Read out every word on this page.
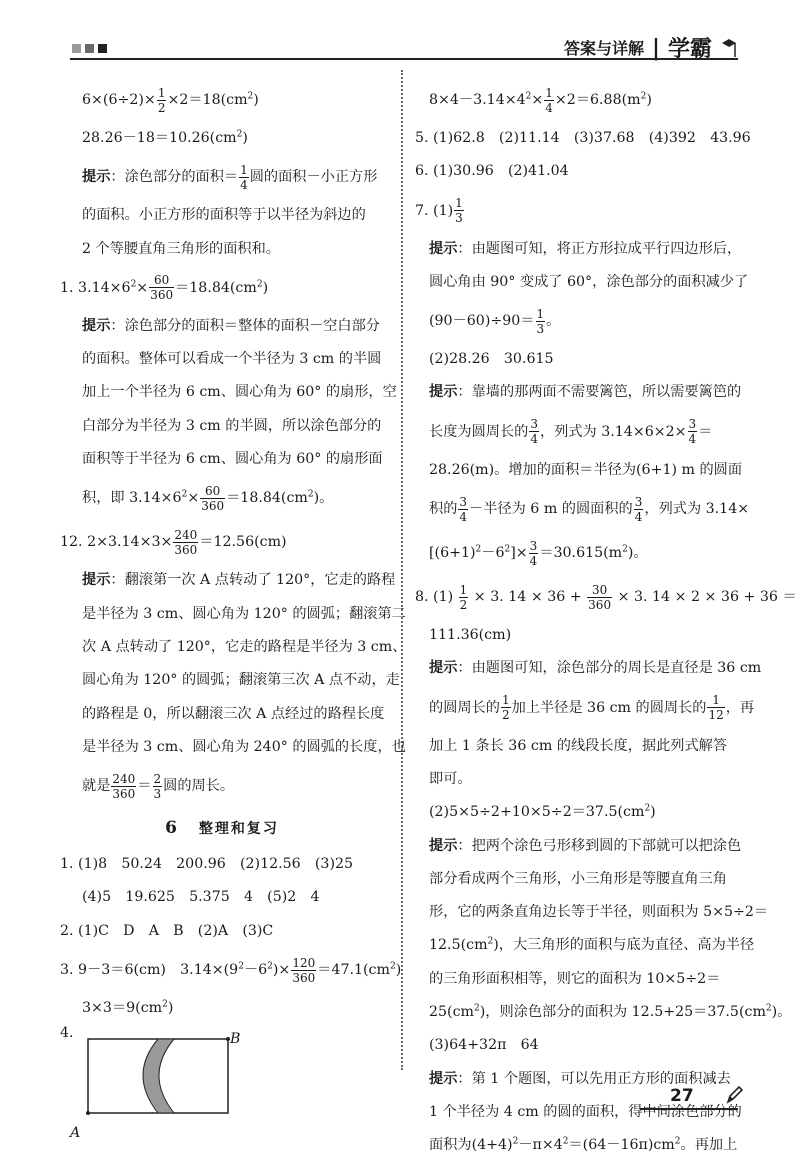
答案与详解 | 学霸
$6\times(6\div 2)\times \frac{1}{2} \times 2=18(cm^2)$
$28.26-18=10.26(cm^2)$
提示：涂色部分的面积＝ $\frac{1}{4}$ 圆的面积－小正方形
的面积。小正方形的面积等于以半径为斜边的
2 个等腰直角三角形的面积和。
1. $3.14\times 6^2\times \frac{60}{360} =18.84(cm^2)$
提示：涂色部分的面积＝整体的面积－空白部分
的面积。整体可以看成一个半径为 3 cm 的半圆
加上一个半径为 6 cm、圆心角为 60° 的扇形，空
白部分为半径为 3 cm 的半圆，所以涂色部分的
面积等于半径为 6 cm、圆心角为 60° 的扇形面
积，即 $3.14\times 6^2\times \frac{60}{360} =18.84(cm^2)$。
12. $2\times 3.14\times 3\times \frac{240}{360} =12.56(cm)$
提示：翻滚第一次 A 点转动了 120°，它走的路程
是半径为 3 cm、圆心角为 120° 的圆弧；翻滚第二
次 A 点转动了 120°，它走的路程是半径为 3 cm、
圆心角为 120° 的圆弧；翻滚第三次 A 点不动，走
的路程是 0，所以翻滚三次 A 点经过的路程长度
是半径为 3 cm、圆心角为 240° 的圆弧的长度，也
就是 $\frac{240}{360} = \frac{2}{3}$ 圆的周长。
6 整理和复习
1. (1)8　50.24　200.96　(2)12.56　(3)25
(4)5　19.625　5.375　4　(5)2　4
2. (1)C　D　A　B　(2)A　(3)C
3. 9－3＝6(cm)　$3.14\times(9^2-6^2)\times \frac{120}{360} =47.1(cm^2)$
$3\times 3=9(cm^2)$
4.
A
B
$8\times 4-3.14\times 4^2\times \frac{1}{4} \times 2=6.88(m^2)$
5. (1)62.8　(2)11.14　(3)37.68　(4)392　43.96
6. (1)30.96　(2)41.04
7. $(1) \frac{1}{3}$
提示：由题图可知，将正方形拉成平行四边形后，
圆心角由 90° 变成了 60°，涂色部分的面积减少了
$(90-60)\div 90= \frac{1}{3}$ 。
(2)28.26　30.615
提示：靠墙的那两面不需要篱笆，所以需要篱笆的
长度为圆周长的 $\frac{3}{4}$ ，列式为 $3.14\times 6\times 2\times \frac{3}{4}$ ＝
28.26(m)。增加的面积＝半径为(6+1) m 的圆面
积的 $\frac{3}{4}$ －半径为 6 m 的圆面积的 $\frac{3}{4}$ ，列式为 3.14×
$[(6+1)^2-6^2]\times \frac{3}{4} =30.615(m^2)$。
8. $(1) \frac{1}{2} \times 3$. $14 \times 36 + \frac{30}{360} \times 3$. 14 × 2 × 36 + 36 ＝
111.36(cm)
提示：由题图可知，涂色部分的周长是直径是 36 cm
的圆周长的 $\frac{1}{2}$ 加上半径是 36 cm 的圆周长的 $\frac{1}{12}$ ，再
加上 1 条长 36 cm 的线段长度，据此列式解答
即可。
$(2)5\times 5\div 2+10\times 5\div 2=37.5(cm^2)$
提示：把两个涂色弓形移到圆的下部就可以把涂色
部分看成两个三角形，小三角形是等腰直角三角
形，它的两条直角边长等于半径，则面积为 5×5÷2＝
$12.5(cm^2)$，大三角形的面积与底为直径、高为半径
的三角形面积相等，则它的面积为 10×5÷2＝
$25(cm^2)$，则涂色部分的面积为 $12.5+25=37.5(cm^2)$。
(3)64+32π　64
提示：第 1 个题图，可以先用正方形的面积减去
1 个半径为 4 cm 的圆的面积，得中间涂色部分的
面积为$(4+4)^2-\pi\times 4^2=(64-16\pi)cm^2$。再加上
27
